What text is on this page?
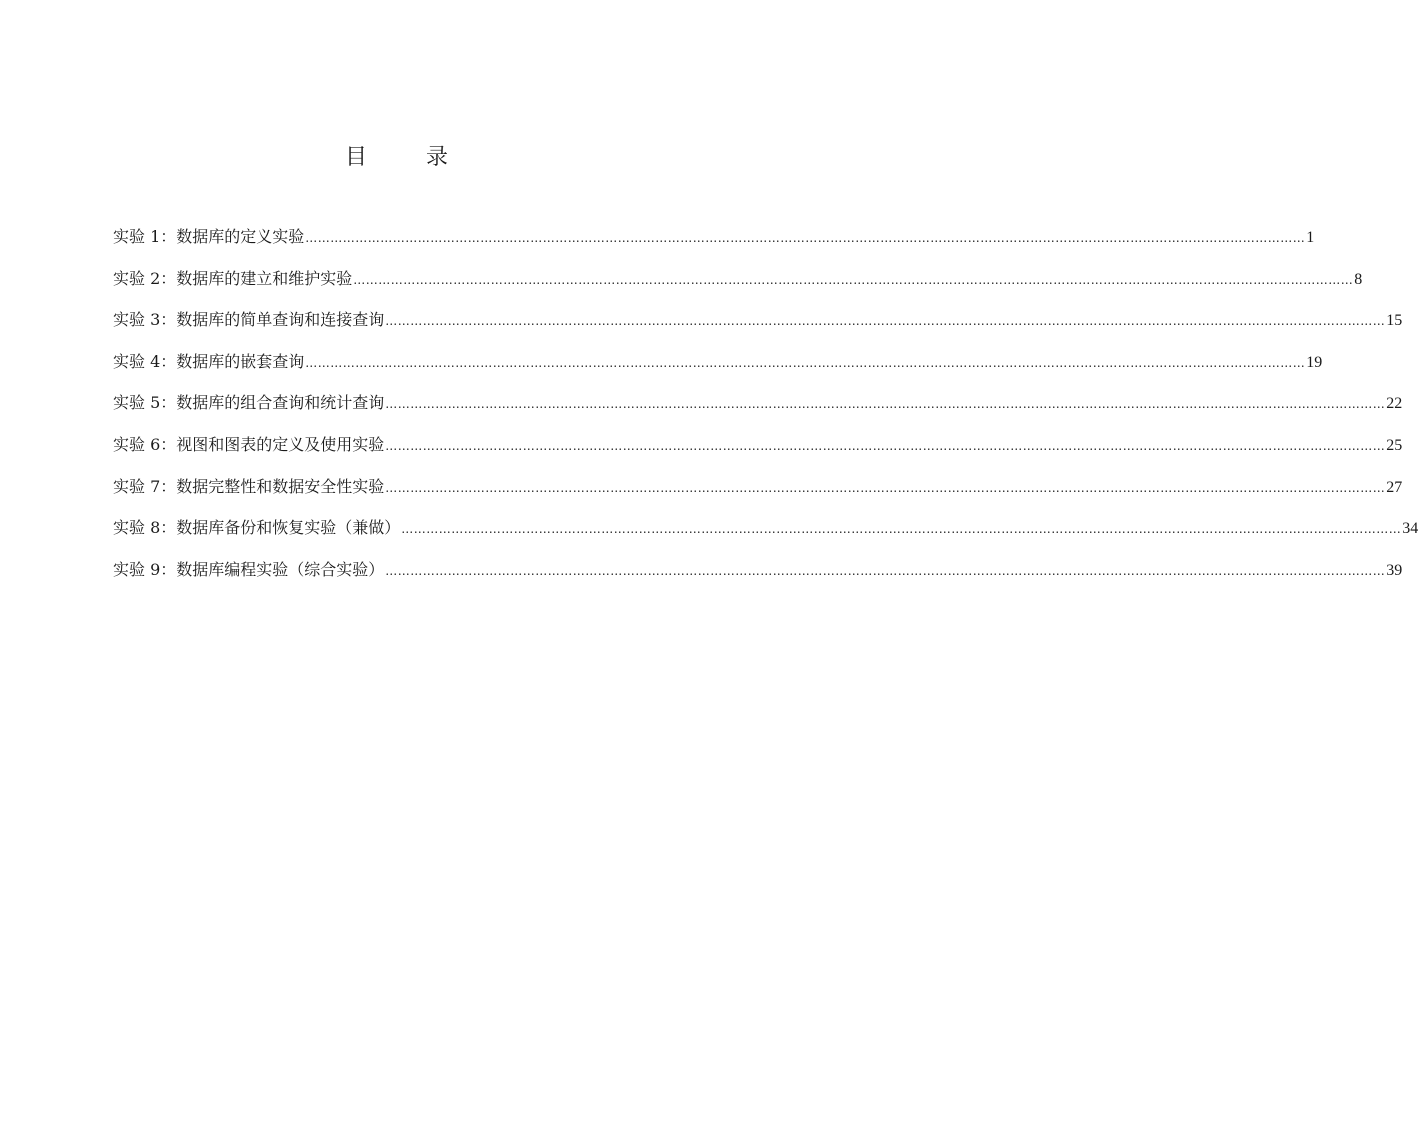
目 录
实验 1：数据库的定义实验 …………………………………………………………………………………………………………………………………………………………………………………………………………………… 1
实验 2：数据库的建立和维护实验 …………………………………………………………………………………………………………………………………………………………………………………………………………………… 8
实验 3：数据库的简单查询和连接查询 …………………………………………………………………………………………………………………………………………………………………………………………………………………… 15
实验 4：数据库的嵌套查询 …………………………………………………………………………………………………………………………………………………………………………………………………………………… 19
实验 5：数据库的组合查询和统计查询 …………………………………………………………………………………………………………………………………………………………………………………………………………………… 22
实验 6：视图和图表的定义及使用实验 …………………………………………………………………………………………………………………………………………………………………………………………………………………… 25
实验 7：数据完整性和数据安全性实验 …………………………………………………………………………………………………………………………………………………………………………………………………………………… 27
实验 8：数据库备份和恢复实验（兼做） …………………………………………………………………………………………………………………………………………………………………………………………………………………… 34
实验 9：数据库编程实验（综合实验） …………………………………………………………………………………………………………………………………………………………………………………………………………………… 39
